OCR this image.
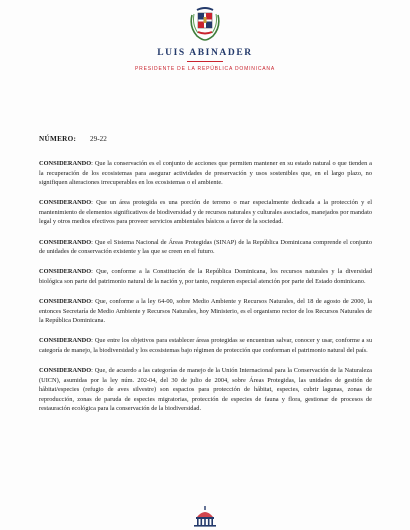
LUIS ABINADER
PRESIDENTE DE LA REPÚBLICA DOMINICANA
NÚMERO: 29-22

CONSIDERANDO: Que la conservación es el conjunto de acciones que permiten mantener en su estado natural o que tienden a la recuperación de los ecosistemas para asegurar actividades de preservación y usos sostenibles que, en el largo plazo, no signifiquen alteraciones irrecuperables en los ecosistemas o el ambiente.

CONSIDERANDO: Que un área protegida es una porción de terreno o mar especialmente dedicada a la protección y el mantenimiento de elementos significativos de biodiversidad y de recursos naturales y culturales asociados, manejados por mandato legal y otros medios efectivos para proveer servicios ambientales básicos a favor de la sociedad.

CONSIDERANDO: Que el Sistema Nacional de Áreas Protegidas (SINAP) de la República Dominicana comprende el conjunto de unidades de conservación existente y las que se creen en el futuro.

CONSIDERANDO: Que, conforme a la Constitución de la República Dominicana, los recursos naturales y la diversidad biológica son parte del patrimonio natural de la nación y, por tanto, requieren especial atención por parte del Estado dominicano.

CONSIDERANDO: Que, conforme a la ley 64-00, sobre Medio Ambiente y Recursos Naturales, del 18 de agosto de 2000, la entonces Secretaría de Medio Ambiente y Recursos Naturales, hoy Ministerio, es el organismo rector de los Recursos Naturales de la República Dominicana.

CONSIDERANDO: Que entre los objetivos para establecer áreas protegidas se encuentran salvar, conocer y usar, conforme a su categoría de manejo, la biodiversidad y los ecosistemas bajo régimen de protección que conforman el patrimonio natural del país.

CONSIDERANDO: Que, de acuerdo a las categorías de manejo de la Unión Internacional para la Conservación de la Naturaleza (UICN), asumidas por la ley núm. 202-04, del 30 de julio de 2004, sobre Áreas Protegidas, las unidades de gestión de hábitat/especies (refugio de aves silvestre) son espacios para protección de hábitat, especies, cubrir lagunas, zonas de reproducción, zonas de paruda de especies migratorias, protección de especies de fauna y flora, gestionar de procesos de restauración ecológica para la conservación de la biodiversidad.
